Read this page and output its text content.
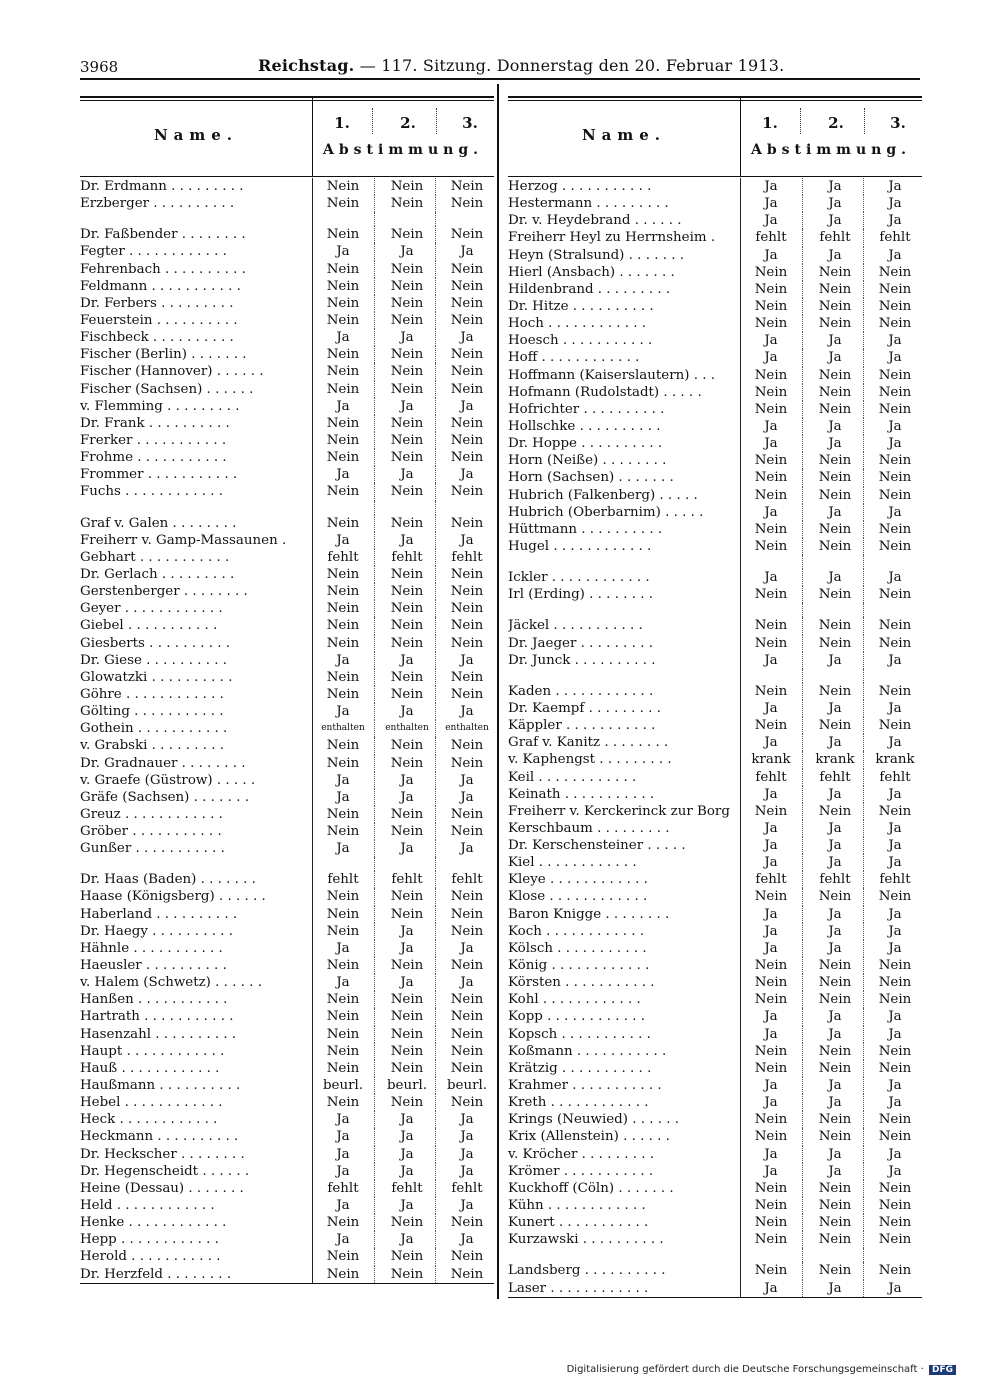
3968	Reichstag. — 117. Sitzung. Donnerstag den 20. Februar 1913.
Name.
1.	2.	3.
Abstimmung.
Dr. Erdmann . . . . . . . . .	Nein	Nein	Nein
Erzberger . . . . . . . . . .	Nein	Nein	Nein
Dr. Faßbender . . . . . . . .	Nein	Nein	Nein
Fegter . . . . . . . . . . . .	Ja	Ja	Ja
Fehrenbach . . . . . . . . . .	Nein	Nein	Nein
Feldmann . . . . . . . . . . .	Nein	Nein	Nein
Dr. Ferbers . . . . . . . . .	Nein	Nein	Nein
Feuerstein . . . . . . . . . .	Nein	Nein	Nein
Fischbeck . . . . . . . . . .	Ja	Ja	Ja
Fischer (Berlin) . . . . . . .	Nein	Nein	Nein
Fischer (Hannover) . . . . . .	Nein	Nein	Nein
Fischer (Sachsen) . . . . . .	Nein	Nein	Nein
v. Flemming . . . . . . . . .	Ja	Ja	Ja
Dr. Frank . . . . . . . . . .	Nein	Nein	Nein
Frerker . . . . . . . . . . .	Nein	Nein	Nein
Frohme . . . . . . . . . . .	Nein	Nein	Nein
Frommer . . . . . . . . . . .	Ja	Ja	Ja
Fuchs . . . . . . . . . . . .	Nein	Nein	Nein
Graf v. Galen . . . . . . . .	Nein	Nein	Nein
Freiherr v. Gamp-Massaunen .	Ja	Ja	Ja
Gebhart . . . . . . . . . . .	fehlt	fehlt	fehlt
Dr. Gerlach . . . . . . . . .	Nein	Nein	Nein
Gerstenberger . . . . . . . .	Nein	Nein	Nein
Geyer . . . . . . . . . . . .	Nein	Nein	Nein
Giebel . . . . . . . . . . .	Nein	Nein	Nein
Giesberts . . . . . . . . . .	Nein	Nein	Nein
Dr. Giese . . . . . . . . . .	Ja	Ja	Ja
Glowatzki . . . . . . . . . .	Nein	Nein	Nein
Göhre . . . . . . . . . . . .	Nein	Nein	Nein
Gölting . . . . . . . . . . .	Ja	Ja	Ja
Gothein . . . . . . . . . . .	enthalten	enthalten	enthalten
v. Grabski . . . . . . . . .	Nein	Nein	Nein
Dr. Gradnauer . . . . . . . .	Nein	Nein	Nein
v. Graefe (Güstrow) . . . . .	Ja	Ja	Ja
Gräfe (Sachsen) . . . . . . .	Ja	Ja	Ja
Greuz . . . . . . . . . . . .	Nein	Nein	Nein
Gröber . . . . . . . . . . .	Nein	Nein	Nein
Gunßer . . . . . . . . . . .	Ja	Ja	Ja
Dr. Haas (Baden) . . . . . . .	fehlt	fehlt	fehlt
Haase (Königsberg) . . . . . .	Nein	Nein	Nein
Haberland . . . . . . . . . .	Nein	Nein	Nein
Dr. Haegy . . . . . . . . . .	Nein	Ja	Nein
Hähnle . . . . . . . . . . .	Ja	Ja	Ja
Haeusler . . . . . . . . . .	Nein	Nein	Nein
v. Halem (Schwetz) . . . . . .	Ja	Ja	Ja
Hanßen . . . . . . . . . . .	Nein	Nein	Nein
Hartrath . . . . . . . . . . .	Nein	Nein	Nein
Hasenzahl . . . . . . . . . .	Nein	Nein	Nein
Haupt . . . . . . . . . . . .	Nein	Nein	Nein
Hauß . . . . . . . . . . . .	Nein	Nein	Nein
Haußmann . . . . . . . . . .	beurl.	beurl.	beurl.
Hebel . . . . . . . . . . . .	Nein	Nein	Nein
Heck . . . . . . . . . . . .	Ja	Ja	Ja
Heckmann . . . . . . . . . .	Ja	Ja	Ja
Dr. Heckscher . . . . . . . .	Ja	Ja	Ja
Dr. Hegenscheidt . . . . . .	Ja	Ja	Ja
Heine (Dessau) . . . . . . .	fehlt	fehlt	fehlt
Held . . . . . . . . . . . .	Ja	Ja	Ja
Henke . . . . . . . . . . . .	Nein	Nein	Nein
Hepp . . . . . . . . . . . .	Ja	Ja	Ja
Herold . . . . . . . . . . .	Nein	Nein	Nein
Dr. Herzfeld . . . . . . . .	Nein	Nein	Nein
Name.
1.	2.	3.
Abstimmung.
Herzog . . . . . . . . . . .	Ja	Ja	Ja
Hestermann . . . . . . . . .	Ja	Ja	Ja
Dr. v. Heydebrand . . . . . .	Ja	Ja	Ja
Freiherr Heyl zu Herrnsheim .	fehlt	fehlt	fehlt
Heyn (Stralsund) . . . . . . .	Ja	Ja	Ja
Hierl (Ansbach) . . . . . . .	Nein	Nein	Nein
Hildenbrand . . . . . . . . .	Nein	Nein	Nein
Dr. Hitze . . . . . . . . . .	Nein	Nein	Nein
Hoch . . . . . . . . . . . .	Nein	Nein	Nein
Hoesch . . . . . . . . . . .	Ja	Ja	Ja
Hoff . . . . . . . . . . . .	Ja	Ja	Ja
Hoffmann (Kaiserslautern) . . .	Nein	Nein	Nein
Hofmann (Rudolstadt) . . . . .	Nein	Nein	Nein
Hofrichter . . . . . . . . . .	Nein	Nein	Nein
Hollschke . . . . . . . . . .	Ja	Ja	Ja
Dr. Hoppe . . . . . . . . . .	Ja	Ja	Ja
Horn (Neiße) . . . . . . . .	Nein	Nein	Nein
Horn (Sachsen) . . . . . . .	Nein	Nein	Nein
Hubrich (Falkenberg) . . . . .	Nein	Nein	Nein
Hubrich (Oberbarnim) . . . . .	Ja	Ja	Ja
Hüttmann . . . . . . . . . .	Nein	Nein	Nein
Hugel . . . . . . . . . . . .	Nein	Nein	Nein
Ickler . . . . . . . . . . . .	Ja	Ja	Ja
Irl (Erding) . . . . . . . .	Nein	Nein	Nein
Jäckel . . . . . . . . . . .	Nein	Nein	Nein
Dr. Jaeger . . . . . . . . .	Nein	Nein	Nein
Dr. Junck . . . . . . . . . .	Ja	Ja	Ja
Kaden . . . . . . . . . . . .	Nein	Nein	Nein
Dr. Kaempf . . . . . . . . .	Ja	Ja	Ja
Käppler . . . . . . . . . . .	Nein	Nein	Nein
Graf v. Kanitz . . . . . . . .	Ja	Ja	Ja
v. Kaphengst . . . . . . . . .	krank	krank	krank
Keil . . . . . . . . . . . .	fehlt	fehlt	fehlt
Keinath . . . . . . . . . . .	Ja	Ja	Ja
Freiherr v. Kerckerinck zur Borg	Nein	Nein	Nein
Kerschbaum . . . . . . . . .	Ja	Ja	Ja
Dr. Kerschensteiner . . . . .	Ja	Ja	Ja
Kiel . . . . . . . . . . . .	Ja	Ja	Ja
Kleye . . . . . . . . . . . .	fehlt	fehlt	fehlt
Klose . . . . . . . . . . . .	Nein	Nein	Nein
Baron Knigge . . . . . . . .	Ja	Ja	Ja
Koch . . . . . . . . . . . .	Ja	Ja	Ja
Kölsch . . . . . . . . . . .	Ja	Ja	Ja
König . . . . . . . . . . . .	Nein	Nein	Nein
Körsten . . . . . . . . . . .	Nein	Nein	Nein
Kohl . . . . . . . . . . . .	Nein	Nein	Nein
Kopp . . . . . . . . . . . .	Ja	Ja	Ja
Kopsch . . . . . . . . . . .	Ja	Ja	Ja
Koßmann . . . . . . . . . . .	Nein	Nein	Nein
Krätzig . . . . . . . . . . .	Nein	Nein	Nein
Krahmer . . . . . . . . . . .	Ja	Ja	Ja
Kreth . . . . . . . . . . . .	Ja	Ja	Ja
Krings (Neuwied) . . . . . .	Nein	Nein	Nein
Krix (Allenstein) . . . . . .	Nein	Nein	Nein
v. Kröcher . . . . . . . . .	Ja	Ja	Ja
Krömer . . . . . . . . . . .	Ja	Ja	Ja
Kuckhoff (Cöln) . . . . . . .	Nein	Nein	Nein
Kühn . . . . . . . . . . . .	Nein	Nein	Nein
Kunert . . . . . . . . . . .	Nein	Nein	Nein
Kurzawski . . . . . . . . . .	Nein	Nein	Nein
Landsberg . . . . . . . . . .	Nein	Nein	Nein
Laser . . . . . . . . . . . .	Ja	Ja	Ja
Digitalisierung gefördert durch die Deutsche Forschungsgemeinschaft · DFG
